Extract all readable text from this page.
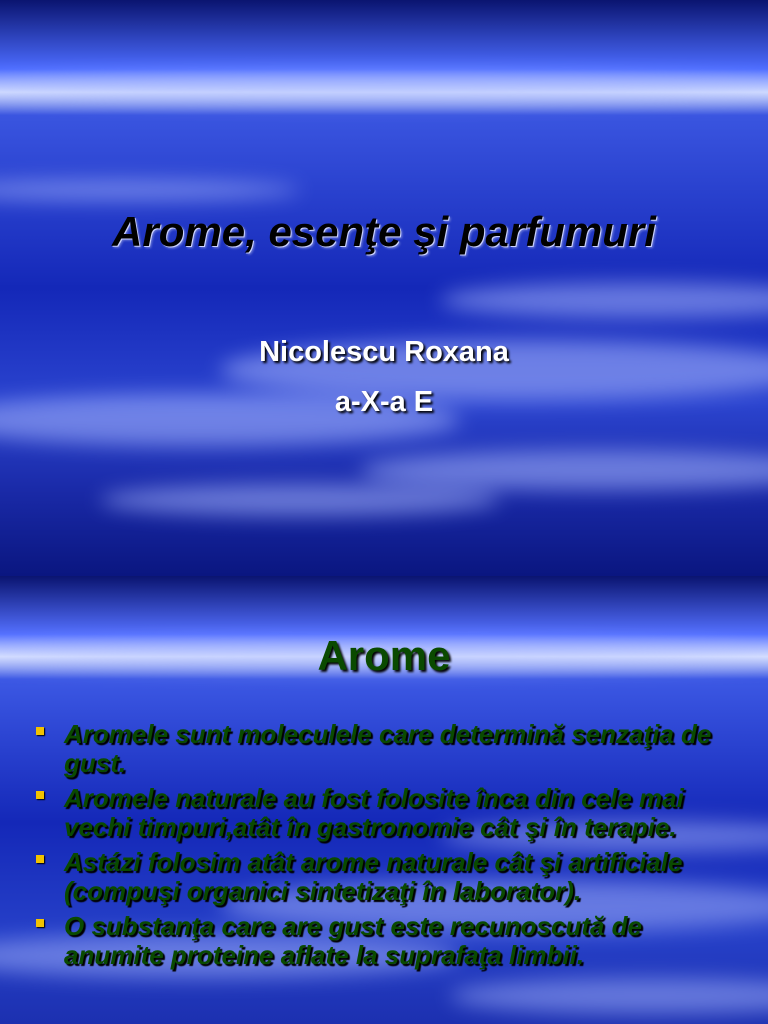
Arome, esenţe şi parfumuri
Nicolescu Roxana
a-X-a E
Arome
Aromele sunt moleculele care determină senzaţia de gust.
Aromele naturale au fost folosite înca din cele mai vechi timpuri,atât în gastronomie cât şi în terapie.
Astázi folosim atât arome naturale cât şi artificiale (compuşi organici sintetizaţi în laborator).
O substanţa care are gust este recunoscută de anumite proteine aflate la suprafaţa limbii.
